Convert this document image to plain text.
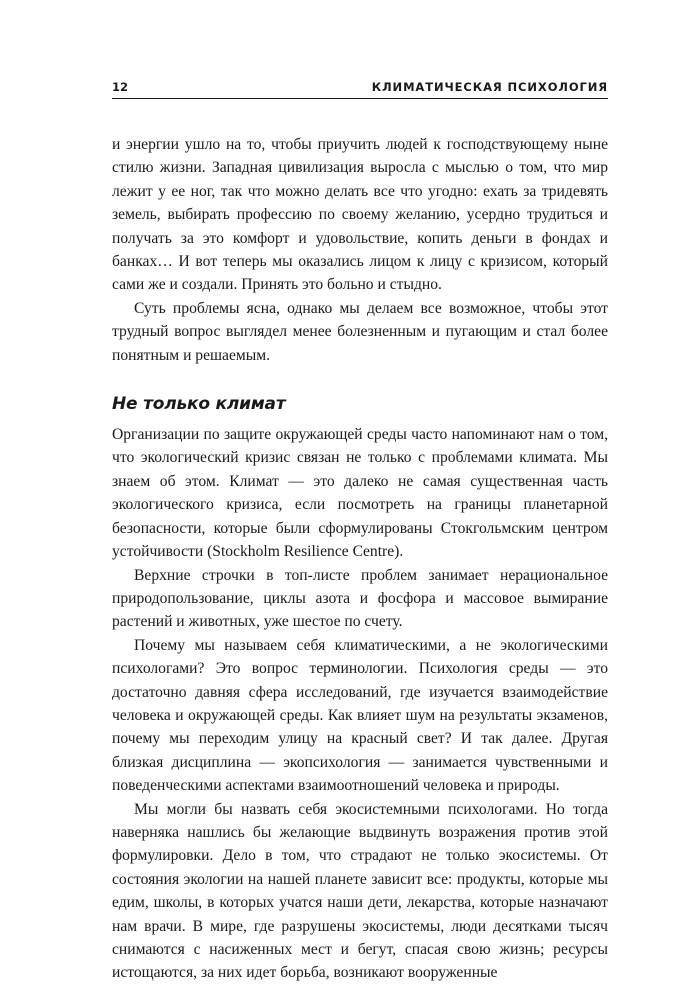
12	КЛИМАТИЧЕСКАЯ ПСИХОЛОГИЯ

и энергии ушло на то, чтобы приучить людей к господствующему ныне стилю жизни. Западная цивилизация выросла с мыслью о том, что мир лежит у ее ног, так что можно делать все что угодно: ехать за тридевять земель, выбирать профессию по своему желанию, усердно трудиться и получать за это комфорт и удовольствие, копить деньги в фондах и банках… И вот теперь мы оказались лицом к лицу с кризисом, который сами же и создали. Принять это больно и стыдно.

Суть проблемы ясна, однако мы делаем все возможное, чтобы этот трудный вопрос выглядел менее болезненным и пугающим и стал более понятным и решаемым.

Не только климат

Организации по защите окружающей среды часто напоминают нам о том, что экологический кризис связан не только с проблемами климата. Мы знаем об этом. Климат — это далеко не самая существенная часть экологического кризиса, если посмотреть на границы планетарной безопасности, которые были сформулированы Стокгольмским центром устойчивости (Stockholm Resilience Centre).

Верхние строчки в топ-листе проблем занимает нерациональное природопользование, циклы азота и фосфора и массовое вымирание растений и животных, уже шестое по счету.

Почему мы называем себя климатическими, а не экологическими психологами? Это вопрос терминологии. Психология среды — это достаточно давняя сфера исследований, где изучается взаимодействие человека и окружающей среды. Как влияет шум на результаты экзаменов, почему мы переходим улицу на красный свет? И так далее. Другая близкая дисциплина — экопсихология — занимается чувственными и поведенческими аспектами взаимоотношений человека и природы.

Мы могли бы назвать себя экосистемными психологами. Но тогда наверняка нашлись бы желающие выдвинуть возражения против этой формулировки. Дело в том, что страдают не только экосистемы. От состояния экологии на нашей планете зависит все: продукты, которые мы едим, школы, в которых учатся наши дети, лекарства, которые назначают нам врачи. В мире, где разрушены экосистемы, люди десятками тысяч снимаются с насиженных мест и бегут, спасая свою жизнь; ресурсы истощаются, за них идет борьба, возникают вооруженные
